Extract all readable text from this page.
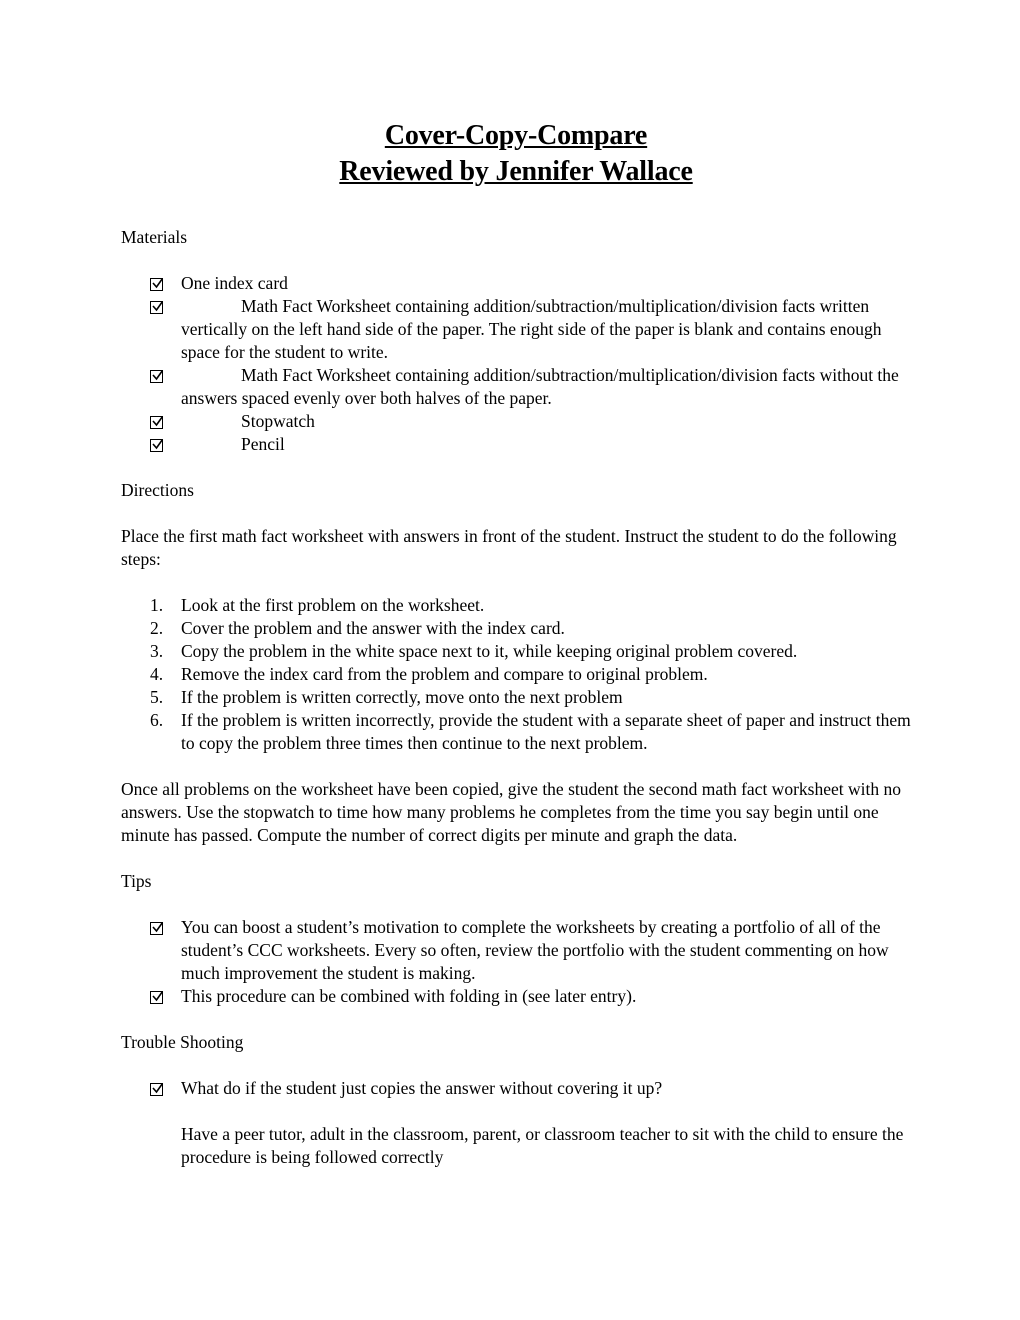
Cover-Copy-Compare

Reviewed by Jennifer Wallace

Materials

One index card
Math Fact Worksheet containing addition/subtraction/multiplication/division facts written vertically on the left hand side of the paper. The right side of the paper is blank and contains enough space for the student to write.
Math Fact Worksheet containing addition/subtraction/multiplication/division facts without the answers spaced evenly over both halves of the paper.
Stopwatch
Pencil

Directions

Place the first math fact worksheet with answers in front of the student. Instruct the student to do the following steps:

1. Look at the first problem on the worksheet.
2. Cover the problem and the answer with the index card.
3. Copy the problem in the white space next to it, while keeping original problem covered.
4. Remove the index card from the problem and compare to original problem.
5. If the problem is written correctly, move onto the next problem
6. If the problem is written incorrectly, provide the student with a separate sheet of paper and instruct them to copy the problem three times then continue to the next problem.

Once all problems on the worksheet have been copied, give the student the second math fact worksheet with no answers. Use the stopwatch to time how many problems he completes from the time you say begin until one minute has passed. Compute the number of correct digits per minute and graph the data.

Tips

You can boost a student’s motivation to complete the worksheets by creating a portfolio of all of the student’s CCC worksheets. Every so often, review the portfolio with the student commenting on how much improvement the student is making.
This procedure can be combined with folding in (see later entry).

Trouble Shooting

What do if the student just copies the answer without covering it up?

Have a peer tutor, adult in the classroom, parent, or classroom teacher to sit with the child to ensure the procedure is being followed correctly
